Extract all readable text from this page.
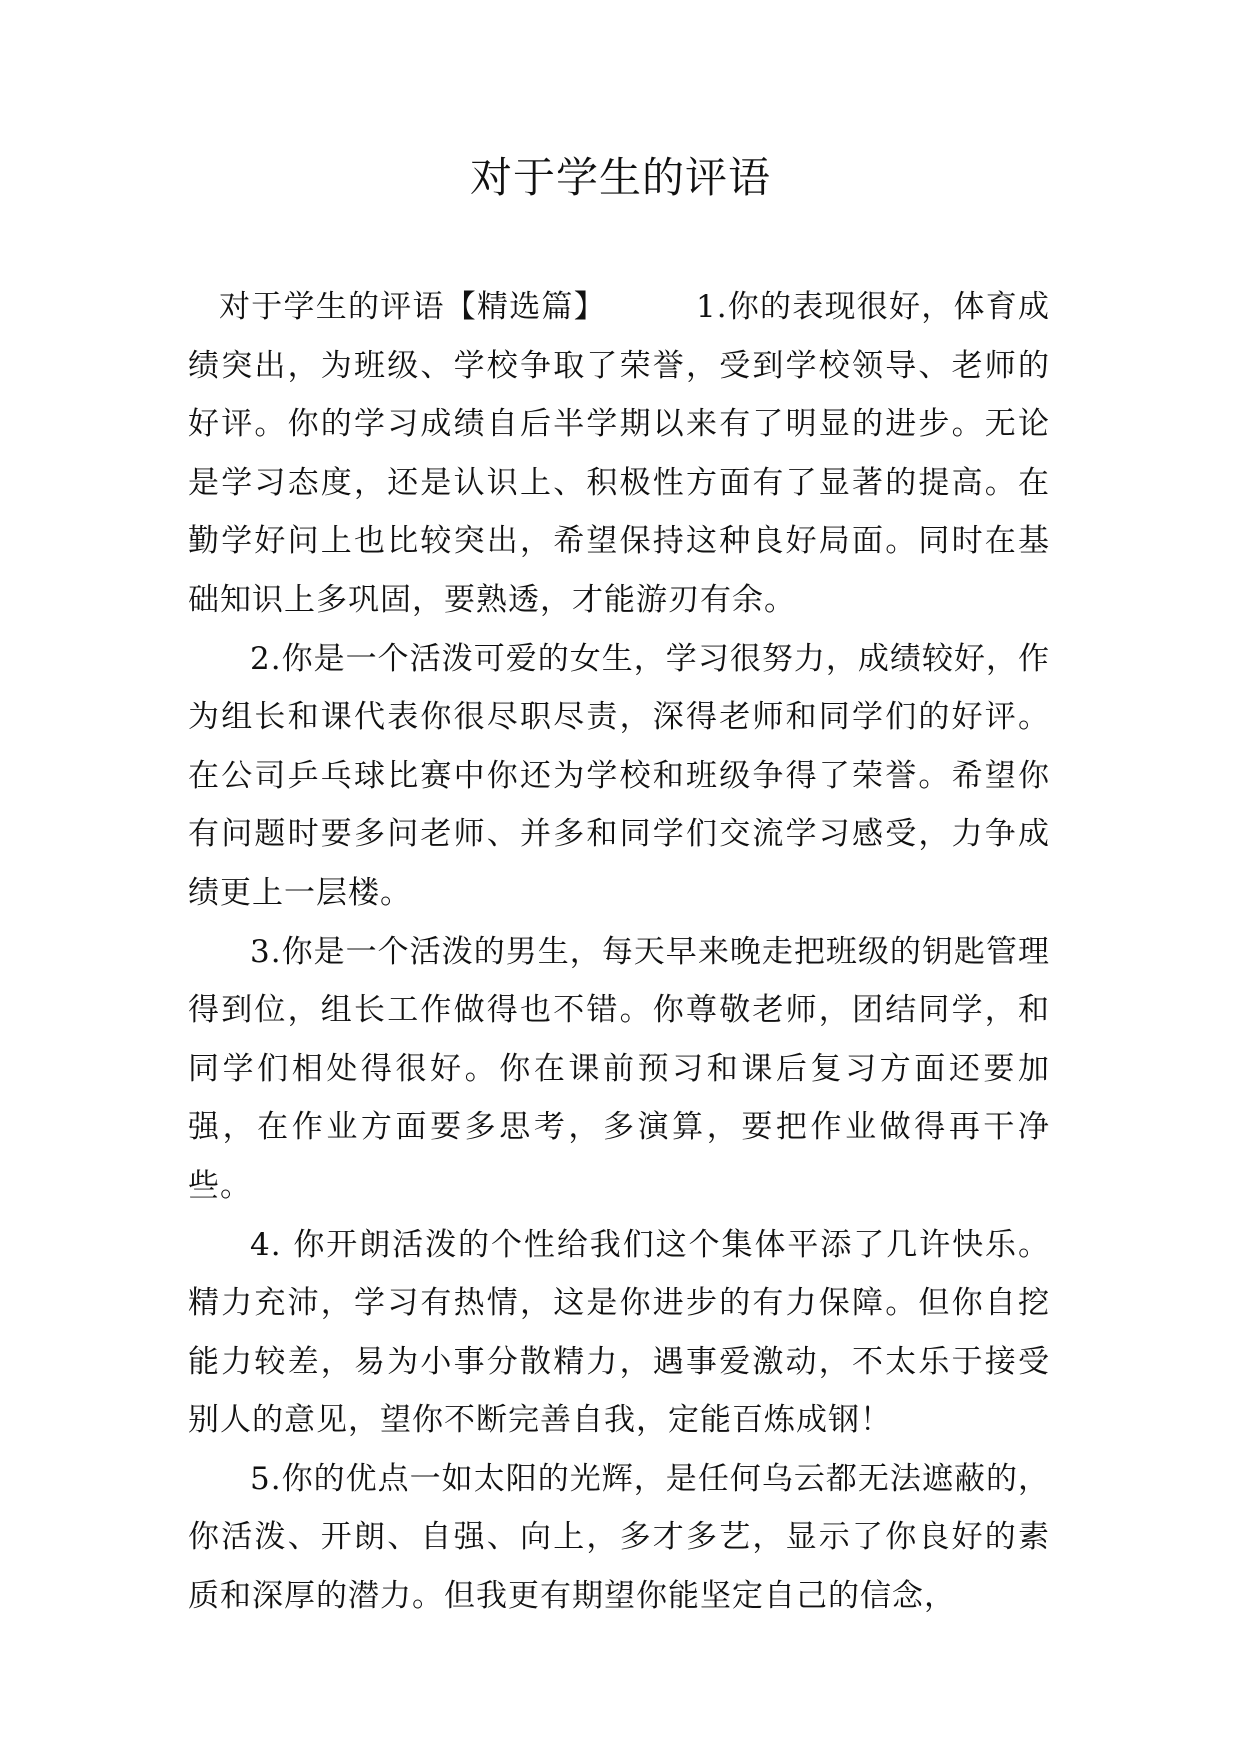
对于学生的评语

对于学生的评语【精选篇】	1.你的表现很好，体育成绩突出，为班级、学校争取了荣誉，受到学校领导、老师的好评。你的学习成绩自后半学期以来有了明显的进步。无论是学习态度，还是认识上、积极性方面有了显著的提高。在勤学好问上也比较突出，希望保持这种良好局面。同时在基础知识上多巩固，要熟透，才能游刃有余。

2.你是一个活泼可爱的女生，学习很努力，成绩较好，作为组长和课代表你很尽职尽责，深得老师和同学们的好评。在公司乒乓球比赛中你还为学校和班级争得了荣誉。希望你有问题时要多问老师、并多和同学们交流学习感受，力争成绩更上一层楼。

3.你是一个活泼的男生，每天早来晚走把班级的钥匙管理得到位，组长工作做得也不错。你尊敬老师，团结同学，和同学们相处得很好。你在课前预习和课后复习方面还要加强，在作业方面要多思考，多演算，要把作业做得再干净些。

4. 你开朗活泼的个性给我们这个集体平添了几许快乐。精力充沛，学习有热情，这是你进步的有力保障。但你自挖能力较差，易为小事分散精力，遇事爱激动，不太乐于接受别人的意见，望你不断完善自我，定能百炼成钢！

5.你的优点一如太阳的光辉，是任何乌云都无法遮蔽的，你活泼、开朗、自强、向上，多才多艺，显示了你良好的素质和深厚的潜力。但我更有期望你能坚定自己的信念，
